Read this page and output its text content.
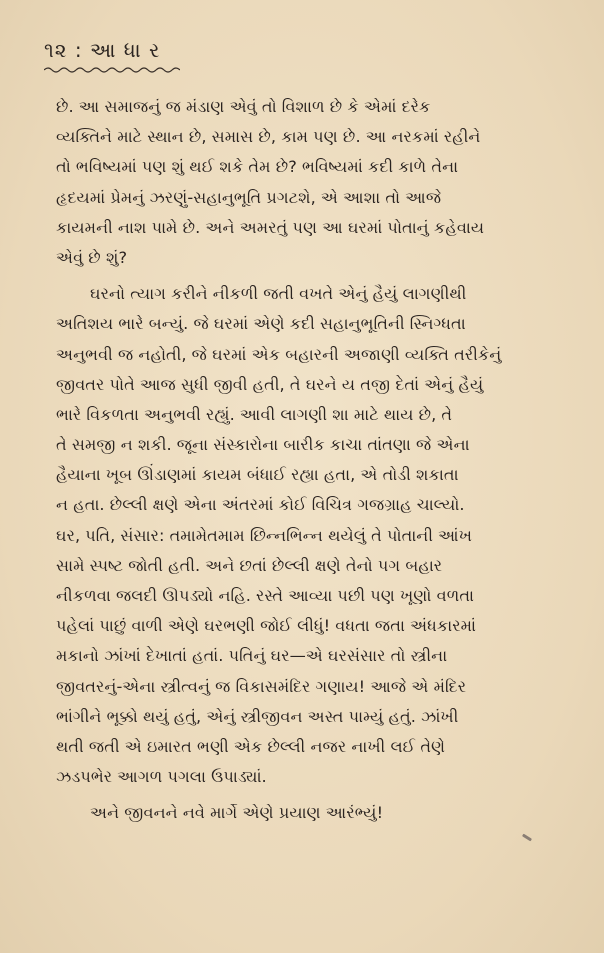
૧૨ : આ ધા ર
છે. આ સમાજનું જ મંડાણ એવું તો વિશાળ છે કે એમાં દરેક
વ્યક્તિને માટે સ્થાન છે, સમાસ છે, કામ પણ છે. આ નરકમાં રહીને
તો ભવિષ્યમાં પણ શું થઈ શકે તેમ છે? ભવિષ્યમાં કદી કાળે તેના
હૃદયમાં પ્રેમનું ઝરણું-સહાનુભૂતિ પ્રગટશે, એ આશા તો આજે
કાયમની નાશ પામે છે. અને અમરતું પણ આ ઘરમાં પોતાનું કહેવાય
એવું છે શું?
ઘરનો ત્યાગ કરીને નીકળી જતી વખતે એનું હૈયું લાગણીથી
અતિશય ભારે બન્યું. જે ઘરમાં એણે કદી સહાનુભૂતિની સ્નિગ્ધતા
અનુભવી જ નહોતી, જે ઘરમાં એક બહારની અજાણી વ્યક્તિ તરીકેનું
જીવતર પોતે આજ સુધી જીવી હતી, તે ઘરને ય તજી દેતાં એનું હૈયું
ભારે વિકળતા અનુભવી રહ્યું. આવી લાગણી શા માટે થાય છે, તે
તે સમજી ન શકી. જૂના સંસ્કારોના બારીક કાચા તાંતણા જે એના
હૈયાના ખૂબ ઊંડાણમાં કાયમ બંધાઈ રહ્યા હતા, એ તોડી શકાતા
ન હતા. છેલ્લી ક્ષણે એના અંતરમાં કોઈ વિચિત્ર ગજગ્રાહ ચાલ્યો.
ઘર, પતિ, સંસાર: તમામેતમામ છિન્નભિન્ન થયેલું તે પોતાની આંખ
સામે સ્પષ્ટ જોતી હતી. અને છતાં છેલ્લી ક્ષણે તેનો પગ બહાર
નીકળવા જલદી ઊપડ્યો નહિ. રસ્તે આવ્યા પછી પણ ખૂણો વળતા
પહેલાં પાછું વાળી એણે ઘરભણી જોઈ લીધું! વધતા જતા અંધકારમાં
મકાનો ઝાંખાં દેખાતાં હતાં. પતિનું ઘર—એ ઘરસંસાર તો સ્ત્રીના
જીવતરનું-એના સ્ત્રીત્વનું જ વિકાસમંદિર ગણાય! આજે એ મંદિર
ભાંગીને ભૂક્કો થયું હતું, એનું સ્ત્રીજીવન અસ્ત પામ્યું હતું. ઝાંખી
થતી જતી એ ઇમારત ભણી એક છેલ્લી નજર નાખી લઈ તેણે
ઝડપભેર આગળ પગલા ઉપાડ્યાં.
અને જીવનને નવે માર્ગે એણે પ્રયાણ આરંભ્યું!
